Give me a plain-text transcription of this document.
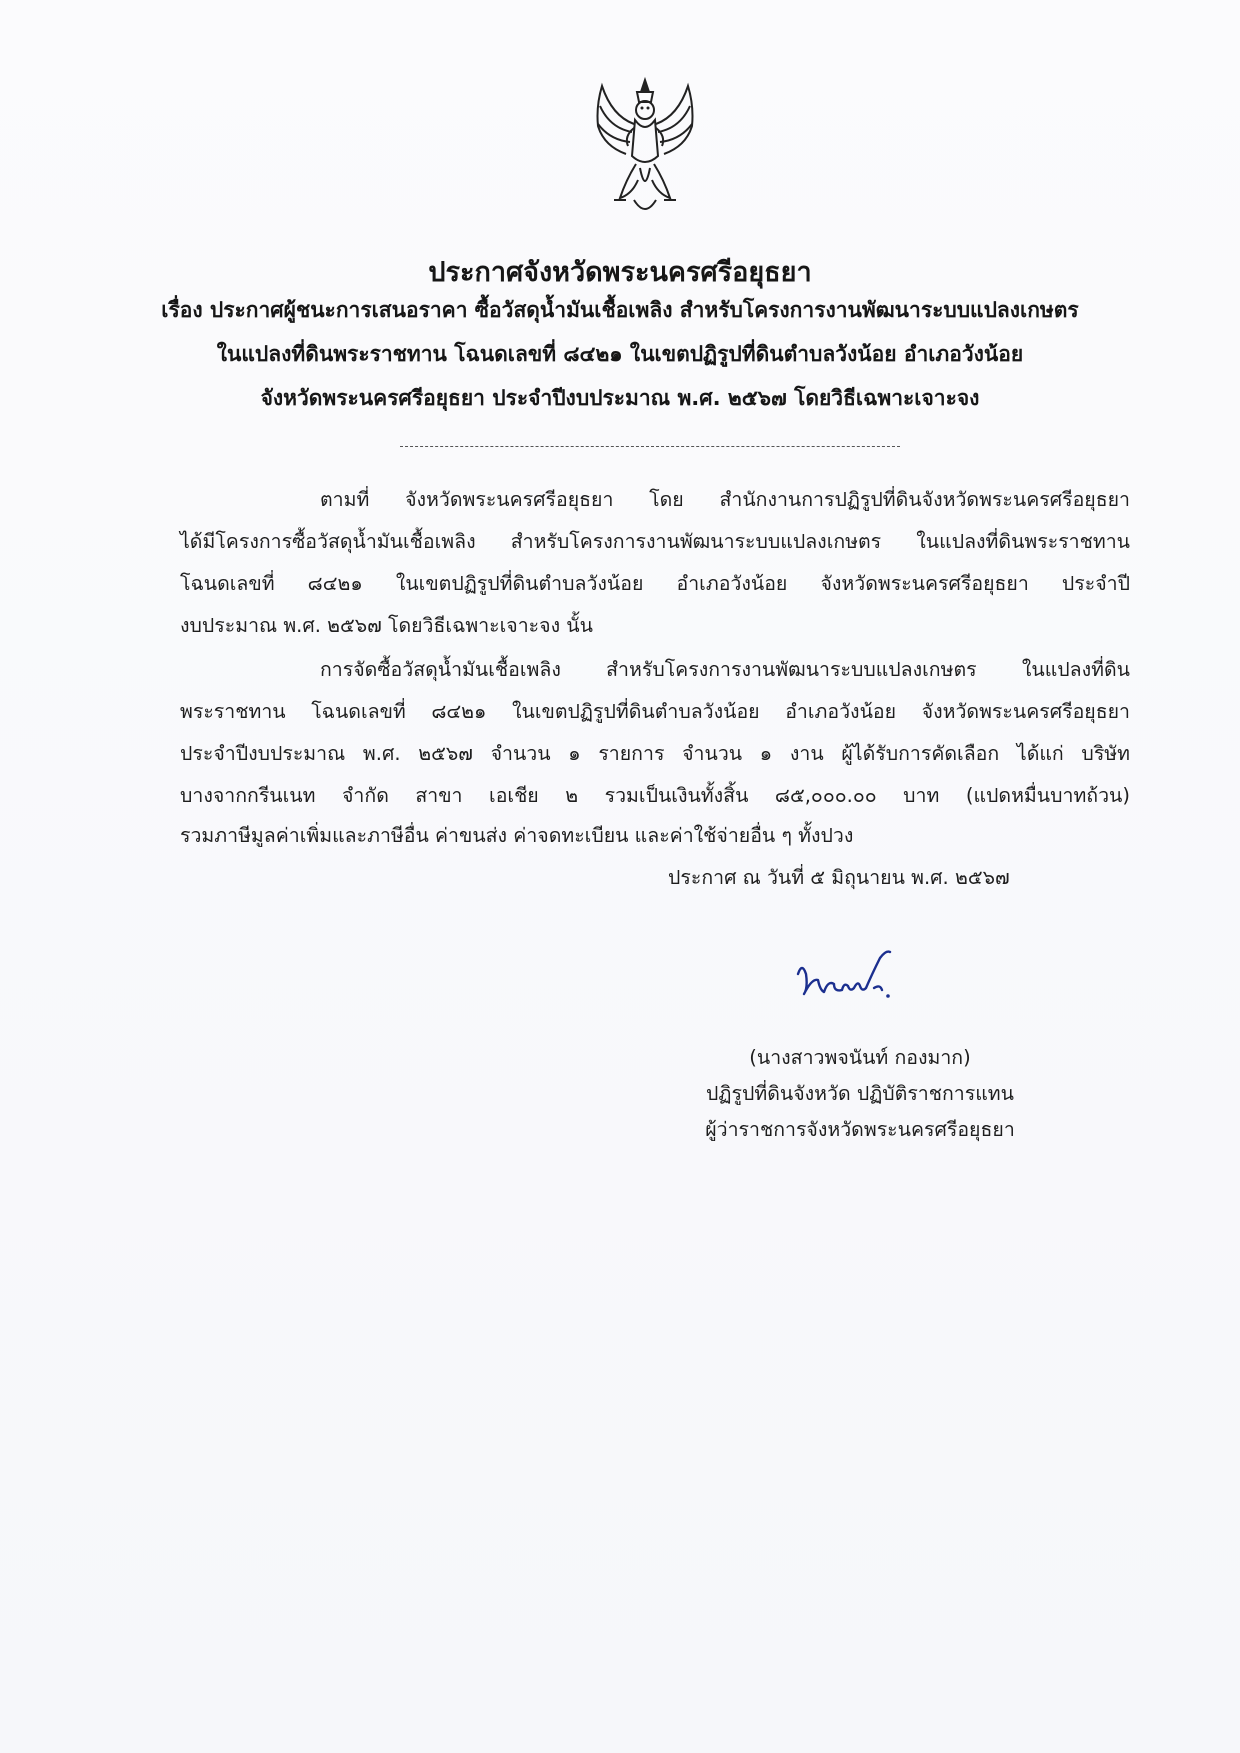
ประกาศจังหวัดพระนครศรีอยุธยา
เรื่อง ประกาศผู้ชนะการเสนอราคา ซื้อวัสดุน้ำมันเชื้อเพลิง สำหรับโครงการงานพัฒนาระบบแปลงเกษตร
ในแปลงที่ดินพระราชทาน โฉนดเลขที่ ๘๔๒๑ ในเขตปฏิรูปที่ดินตำบลวังน้อย อำเภอวังน้อย
จังหวัดพระนครศรีอยุธยา ประจำปีงบประมาณ พ.ศ. ๒๕๖๗ โดยวิธีเฉพาะเจาะจง
ตามที่ จังหวัดพระนครศรีอยุธยา โดย สำนักงานการปฏิรูปที่ดินจังหวัดพระนครศรีอยุธยา
ได้มีโครงการซื้อวัสดุน้ำมันเชื้อเพลิง สำหรับโครงการงานพัฒนาระบบแปลงเกษตร ในแปลงที่ดินพระราชทาน
โฉนดเลขที่ ๘๔๒๑ ในเขตปฏิรูปที่ดินตำบลวังน้อย อำเภอวังน้อย จังหวัดพระนครศรีอยุธยา ประจำปี
งบประมาณ พ.ศ. ๒๕๖๗ โดยวิธีเฉพาะเจาะจง นั้น
การจัดซื้อวัสดุน้ำมันเชื้อเพลิง สำหรับโครงการงานพัฒนาระบบแปลงเกษตร ในแปลงที่ดิน
พระราชทาน โฉนดเลขที่ ๘๔๒๑ ในเขตปฏิรูปที่ดินตำบลวังน้อย อำเภอวังน้อย จังหวัดพระนครศรีอยุธยา
ประจำปีงบประมาณ พ.ศ. ๒๕๖๗ จำนวน ๑ รายการ จำนวน ๑ งาน ผู้ได้รับการคัดเลือก ได้แก่ บริษัท
บางจากกรีนเนท จำกัด สาขา เอเชีย ๒ รวมเป็นเงินทั้งสิ้น ๘๕,๐๐๐.๐๐ บาท (แปดหมื่นบาทถ้วน)
รวมภาษีมูลค่าเพิ่มและภาษีอื่น ค่าขนส่ง ค่าจดทะเบียน และค่าใช้จ่ายอื่น ๆ ทั้งปวง
ประกาศ ณ วันที่ ๕ มิถุนายน พ.ศ. ๒๕๖๗
(นางสาวพจนันท์ กองมาก)
ปฏิรูปที่ดินจังหวัด ปฏิบัติราชการแทน
ผู้ว่าราชการจังหวัดพระนครศรีอยุธยา
